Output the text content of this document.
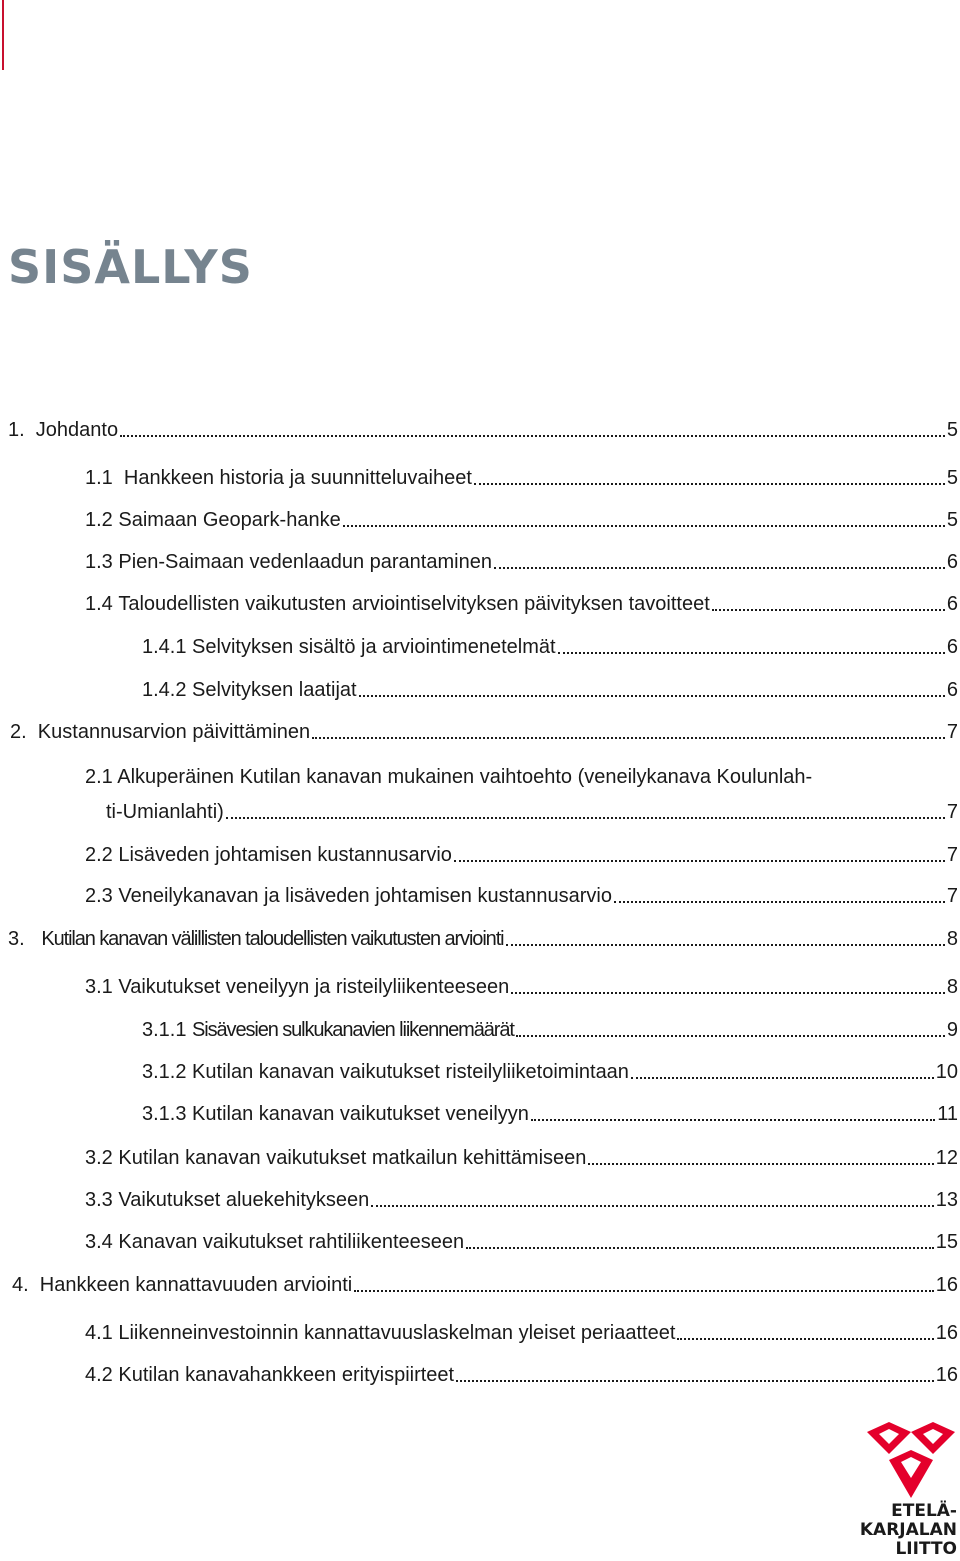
SISÄLLYS
1. Johdanto	5
1.1 Hankkeen historia ja suunnitteluvaiheet	5
1.2 Saimaan Geopark-hanke	5
1.3 Pien-Saimaan vedenlaadun parantaminen	6
1.4 Taloudellisten vaikutusten arviointiselvityksen päivityksen tavoitteet	6
1.4.1 Selvityksen sisältö ja arviointimenetelmät	6
1.4.2 Selvityksen laatijat	6
2. Kustannusarvion päivittäminen	7
2.1 Alkuperäinen Kutilan kanavan mukainen vaihtoehto (veneilykanava Koulunlah-
ti-Umianlahti)	7
2.2 Lisäveden johtamisen kustannusarvio	7
2.3 Veneilykanavan ja lisäveden johtamisen kustannusarvio	7
3. Kutilan kanavan välillisten taloudellisten vaikutusten arviointi	8
3.1 Vaikutukset veneilyyn ja risteilyliikenteeseen	8
3.1.1 Sisävesien sulkukanavien liikennemäärät	9
3.1.2 Kutilan kanavan vaikutukset risteilyliiketoimintaan	10
3.1.3 Kutilan kanavan vaikutukset veneilyyn	11
3.2 Kutilan kanavan vaikutukset matkailun kehittämiseen	12
3.3 Vaikutukset aluekehitykseen	13
3.4 Kanavan vaikutukset rahtiliikenteeseen	15
4. Hankkeen kannattavuuden arviointi	16
4.1 Liikenneinvestoinnin kannattavuuslaskelman yleiset periaatteet	16
4.2 Kutilan kanavahankkeen erityispiirteet	16
ETELÄ-
KARJALAN
LIITTO
